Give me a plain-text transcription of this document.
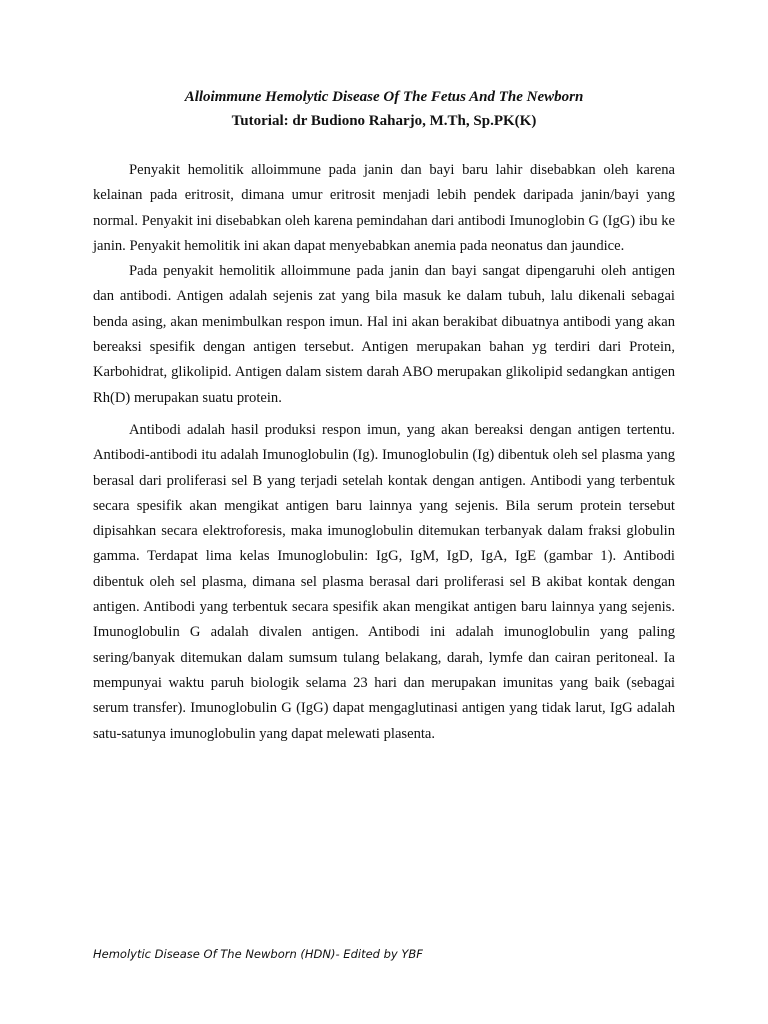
Alloimmune Hemolytic Disease Of The Fetus And The Newborn
Tutorial: dr Budiono Raharjo, M.Th, Sp.PK(K)

Penyakit hemolitik alloimmune pada janin dan bayi baru lahir disebabkan oleh karena kelainan pada eritrosit, dimana umur eritrosit menjadi lebih pendek daripada janin/bayi yang normal. Penyakit ini disebabkan oleh karena pemindahan dari antibodi Imunoglobin G (IgG) ibu ke janin. Penyakit hemolitik ini akan dapat menyebabkan anemia pada neonatus dan jaundice.

Pada penyakit hemolitik alloimmune pada janin dan bayi sangat dipengaruhi oleh antigen dan antibodi. Antigen adalah sejenis zat yang bila masuk ke dalam tubuh, lalu dikenali sebagai benda asing, akan menimbulkan respon imun. Hal ini akan berakibat dibuatnya antibodi yang akan bereaksi spesifik dengan antigen tersebut. Antigen merupakan bahan yg terdiri dari Protein, Karbohidrat, glikolipid. Antigen dalam sistem darah ABO merupakan glikolipid sedangkan antigen Rh(D) merupakan suatu protein.

Antibodi adalah hasil produksi respon imun, yang akan bereaksi dengan antigen tertentu. Antibodi-antibodi itu adalah Imunoglobulin (Ig). Imunoglobulin (Ig) dibentuk oleh sel plasma yang berasal dari proliferasi sel B yang terjadi setelah kontak dengan antigen. Antibodi yang terbentuk secara spesifik akan mengikat antigen baru lainnya yang sejenis. Bila serum protein tersebut dipisahkan secara elektroforesis, maka imunoglobulin ditemukan terbanyak dalam fraksi globulin gamma. Terdapat lima kelas Imunoglobulin: IgG, IgM, IgD, IgA, IgE (gambar 1). Antibodi dibentuk oleh sel plasma, dimana sel plasma berasal dari proliferasi sel B akibat kontak dengan antigen. Antibodi yang terbentuk secara spesifik akan mengikat antigen baru lainnya yang sejenis. Imunoglobulin G adalah divalen antigen. Antibodi ini adalah imunoglobulin yang paling sering/banyak ditemukan dalam sumsum tulang belakang, darah, lymfe dan cairan peritoneal. Ia mempunyai waktu paruh biologik selama 23 hari dan merupakan imunitas yang baik (sebagai serum transfer). Imunoglobulin G (IgG) dapat mengaglutinasi antigen yang tidak larut, IgG adalah satu-satunya imunoglobulin yang dapat melewati plasenta.

Hemolytic Disease Of The Newborn (HDN)- Edited by YBF
